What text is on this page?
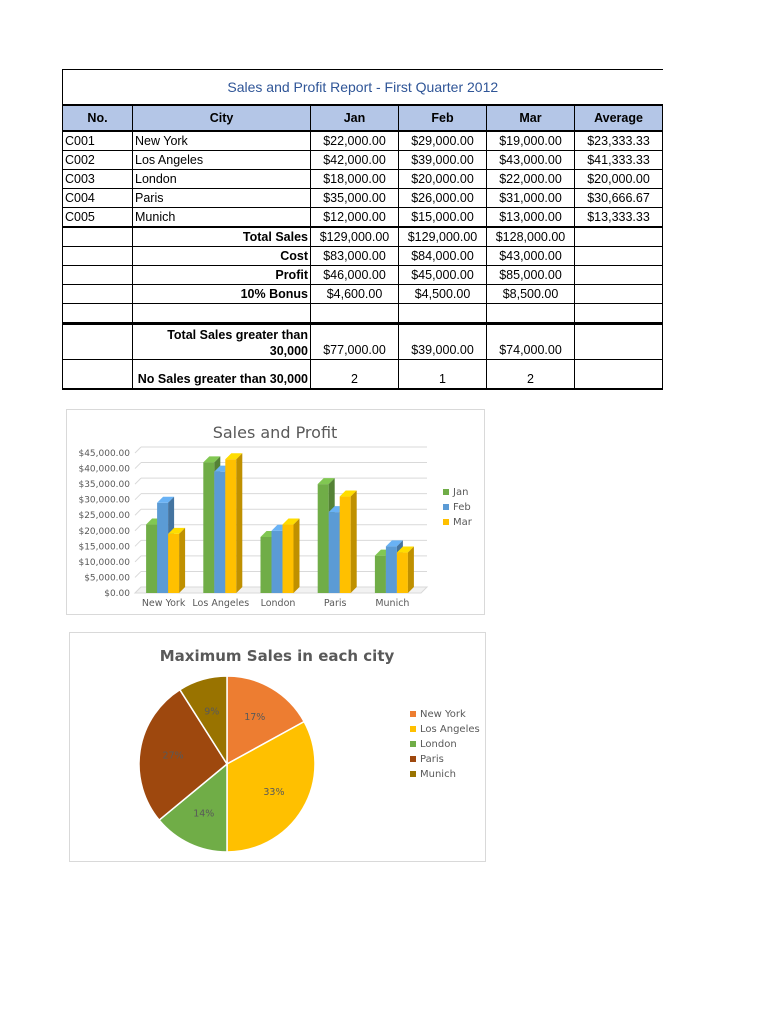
Sales and Profit Report - First Quarter 2012					
No.	City	Jan	Feb	Mar	Average
C001	New York	$22,000.00	$29,000.00	$19,000.00	$23,333.33
C002	Los Angeles	$42,000.00	$39,000.00	$43,000.00	$41,333.33
C003	London	$18,000.00	$20,000.00	$22,000.00	$20,000.00
C004	Paris	$35,000.00	$26,000.00	$31,000.00	$30,666.67
C005	Munich	$12,000.00	$15,000.00	$13,000.00	$13,333.33
	Total Sales	$129,000.00	$129,000.00	$128,000.00	
	Cost	$83,000.00	$84,000.00	$43,000.00	
	Profit	$46,000.00	$45,000.00	$85,000.00	
	10% Bonus	$4,600.00	$4,500.00	$8,500.00	

	Total Sales greater than 30,000	$77,000.00	$39,000.00	$74,000.00	
	No Sales greater than 30,000	2	1	2	
Sales and Profit
$0.00
$5,000.00
$10,000.00
$15,000.00
$20,000.00
$25,000.00
$30,000.00
$35,000.00
$40,000.00
$45,000.00
New York Los Angeles London	Paris	Munich
Jan
Feb
Mar
Maximum Sales in each city
17%	New York
33%
Los Angeles
14%
London
27%	Paris
9%
Munich
